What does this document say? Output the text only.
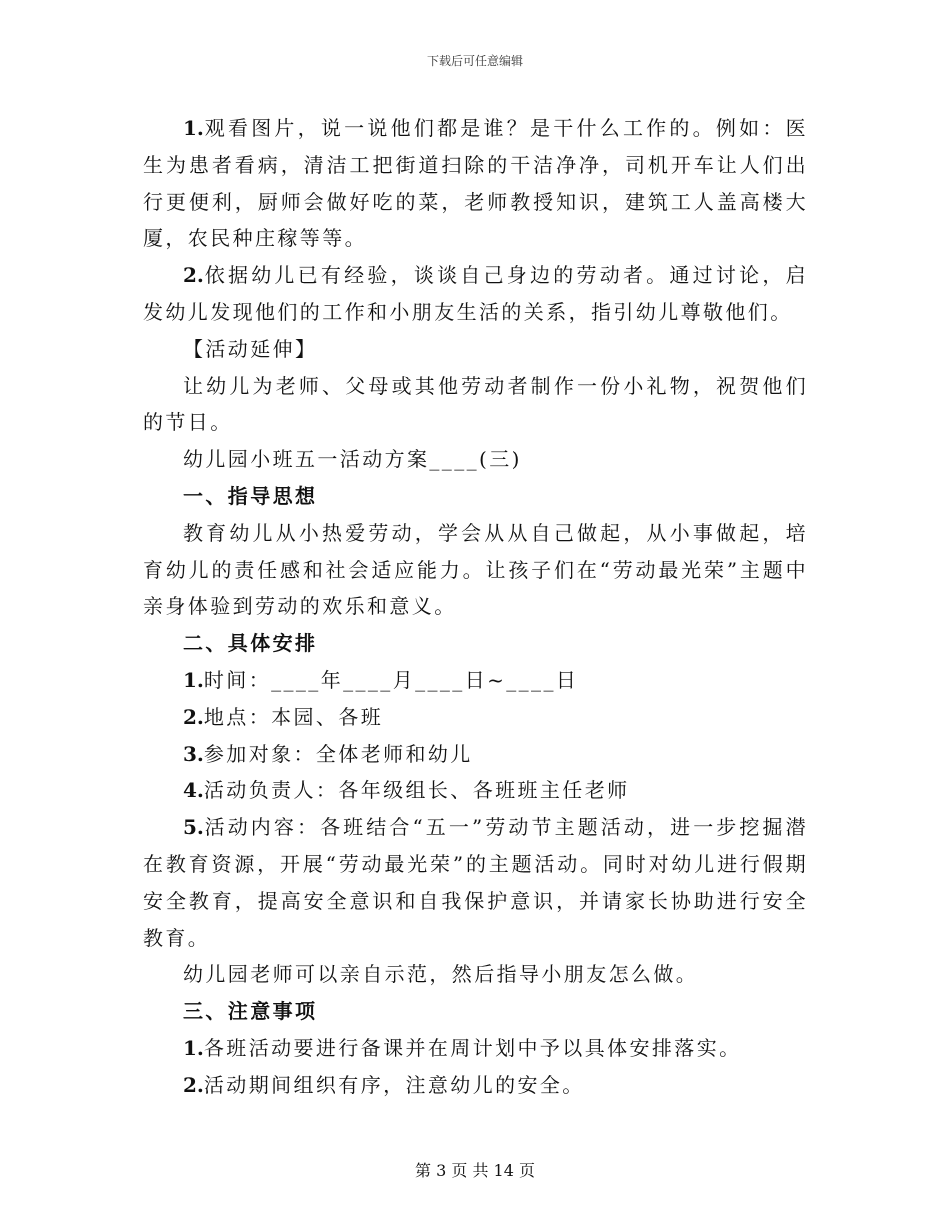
下载后可任意编辑

1.观看图片，说一说他们都是谁？是干什么工作的。例如：医生为患者看病，清洁工把街道扫除的干洁净净，司机开车让人们出行更便利，厨师会做好吃的菜，老师教授知识，建筑工人盖高楼大厦，农民种庄稼等等。

2.依据幼儿已有经验，谈谈自己身边的劳动者。通过讨论，启发幼儿发现他们的工作和小朋友生活的关系，指引幼儿尊敬他们。

【活动延伸】

让幼儿为老师、父母或其他劳动者制作一份小礼物，祝贺他们的节日。

幼儿园小班五一活动方案____(三)

一、指导思想

教育幼儿从小热爱劳动，学会从从自己做起，从小事做起，培育幼儿的责任感和社会适应能力。让孩子们在“劳动最光荣”主题中亲身体验到劳动的欢乐和意义。

二、具体安排

1.时间：____年____月____日~____日

2.地点：本园、各班

3.参加对象：全体老师和幼儿

4.活动负责人：各年级组长、各班班主任老师

5.活动内容：各班结合“五一”劳动节主题活动，进一步挖掘潜在教育资源，开展“劳动最光荣”的主题活动。同时对幼儿进行假期安全教育，提高安全意识和自我保护意识，并请家长协助进行安全教育。

幼儿园老师可以亲自示范，然后指导小朋友怎么做。

三、注意事项

1.各班活动要进行备课并在周计划中予以具体安排落实。

2.活动期间组织有序，注意幼儿的安全。

第 3 页 共 14 页
